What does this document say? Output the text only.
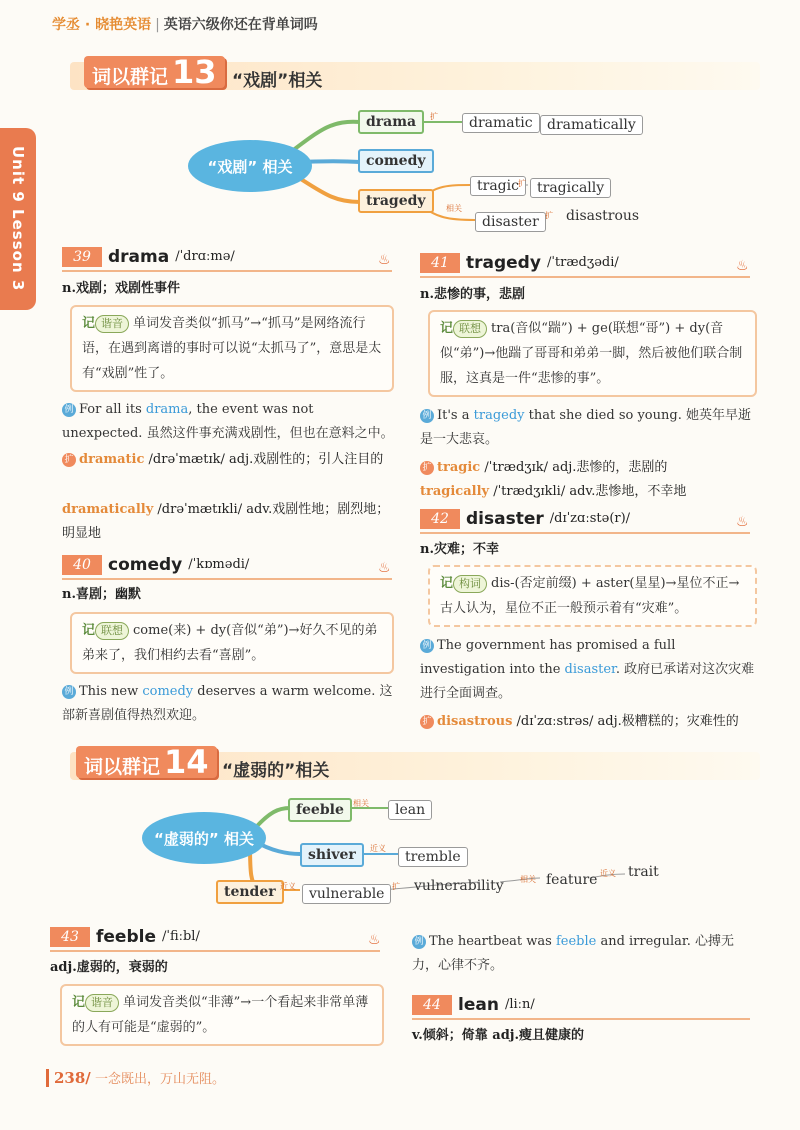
学丞 · 晓艳英语 | 英语六级你还在背单词吗
Unit 9 Lesson 3
词以群记 13 “戏剧”相关
“戏剧” 相关
drama
comedy
tragedy
扩	dramatic	dramatically
tragic	tragically
相关
扩
disaster 扩 disastrous
39 drama /ˈdrɑːmə/	♨
n.戏剧；戏剧性事件
记 谐音 单词发音类似“抓马”→“抓马”是网络流行语，在遇到离谱的事时可以说“太抓马了”，意思是太有“戏剧”性了。
例 For all its drama, the event was not unexpected. 虽然这件事充满戏剧性，但也在意料之中。
扩 dramatic /drəˈmætɪk/ adj.戏剧性的；引人注目的
dramatically /drəˈmætɪkli/ adv.戏剧性地；剧烈地；明显地
40 comedy /ˈkɒmədi/	♨
n.喜剧；幽默
记 联想 come(来) + dy(音似“弟”)→好久不见的弟弟来了，我们相约去看“喜剧”。
例 This new comedy deserves a warm welcome. 这部新喜剧值得热烈欢迎。
41 tragedy /ˈtrædʒədi/	♨
n.悲惨的事，悲剧
记 联想 tra(音似“踹”) + ge(联想“哥”) + dy(音似“弟”)→他踹了哥哥和弟弟一脚，然后被他们联合制服，这真是一件“悲惨的事”。
例 It's a tragedy that she died so young. 她英年早逝是一大悲哀。
扩 tragic /ˈtrædʒɪk/ adj.悲惨的，悲剧的
tragically /ˈtrædʒɪkli/ adv.悲惨地，不幸地
42 disaster /dɪˈzɑːstə(r)/	♨
n.灾难；不幸
记 构词 dis-(否定前缀) + aster(星星)→星位不正→古人认为，星位不正一般预示着有“灾难”。
例 The government has promised a full investigation into the disaster. 政府已承诺对这次灾难进行全面调查。
扩 disastrous /dɪˈzɑːstrəs/ adj.极糟糕的；灾难性的
词以群记 14 “虚弱的”相关
“虚弱的” 相关
feeble	相关	lean
shiver	近义
tremble
tender 近义 vulnerable 扩 vulnerability 相关 feature 近义 trait
43 feeble /ˈfiːbl/	♨
adj.虚弱的，衰弱的
记 谐音 单词发音类似“非薄”→一个看起来非常单薄的人有可能是“虚弱的”。
例 The heartbeat was feeble and irregular. 心搏无力，心律不齐。
44 lean /liːn/
v.倾斜；倚靠 adj.瘦且健康的
238/ 一念既出，万山无阻。
